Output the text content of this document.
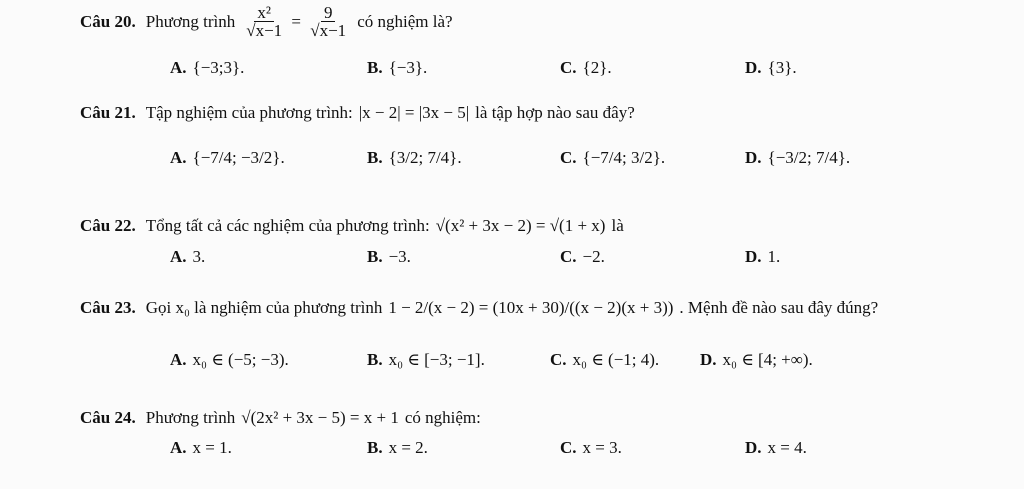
Câu 20. Phương trình $\frac{\text{x²}}{√x-1} = \frac{9}{√x-1}$ có nghiệm là?
A. {−3;3}.	B. {−3}.	C. {2}.	D. {3}.
Câu 21. Tập nghiệm của phương trình: |x − 2| = |3x − 5| là tập hợp nào sau đây?
A. {−7/4; −3/2}.	B. {3/2; 7/4}.	C. {−7/4; 3/2}.	D. {−3/2; 7/4}.
Câu 22. Tổng tất cả các nghiệm của phương trình: √(x² + 3x − 2) = √(1 + x) là
A. 3.	B. −3.	C. −2.	D. 1.
Câu 23. Gọi x₀ là nghiệm của phương trình 1 − 2/(x − 2) = (10x + 30)/((x − 2)(x + 3)) . Mệnh đề nào sau đây đúng?
A. x₀ ∈ (−5; −3).	B. x₀ ∈ [−3; −1].	C. x₀ ∈ (−1; 4). D. x₀ ∈ [4; +∞).
Câu 24. Phương trình √(2x² + 3x − 5) = x + 1 có nghiệm:
A. x = 1.	B. x = 2.	C. x = 3.	D. x = 4.
